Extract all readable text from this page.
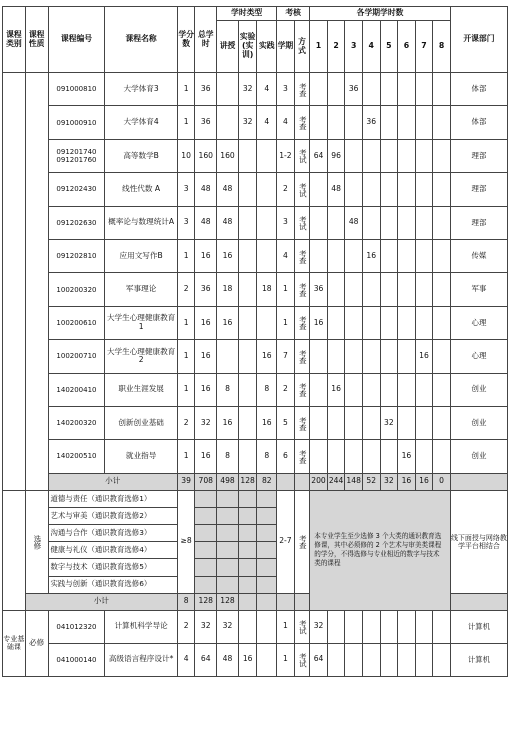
课程类别	课程性质	课程编号	课程名称	学分数	总学时	学时类型			考核		各学期学时数								开课部门
						讲授	实验(实训)	实践	学期	方式	1	2	3	4	5	6	7	8	
		091000810	大学体育3	1	36		32	4	3	考查			36						体部
		091000910	大学体育4	1	36		32	4	4	考查				36					体部
		091201740 091201760	高等数学B	10	160	160			1-2	考试	64	96							理部
		091202430	线性代数 A	3	48	48			2	考试		48							理部
		091202630	概率论与数理统计A	3	48	48			3	考试			48						理部
		091202810	应用文写作B	1	16	16			4	考查				16					传媒
		100200320	军事理论	2	36	18		18	1	考查	36								军事
		100200610	大学生心理健康教育1	1	16	16			1	考查	16								心理
		100200710	大学生心理健康教育2	1	16			16	7	考查							16		心理
		140200410	职业生涯发展	1	16	8		8	2	考查		16							创业
		140200320	创新创业基础	2	32	16		16	5	考查					32				创业
		140200510	就业指导	1	16	8		8	6	考查						16			创业
		小计		39	708	498	128	82			200	244	148	52	32	16	16	0	
	选修	道德与责任（通识教育选修1）		≥8					2-7	考查	本专业学生至少选修 3 个大类的通识教育选修课，其中必须修的 2 个艺术与审美类课程的学分，不得选修与专业相近的数字与技术类的课程								线下面授与网络教学平台相结合
		艺术与审美（通识教育选修2）																	
		沟通与合作（通识教育选修3）																	
		健康与礼仪（通识教育选修4）																	
		数字与技术（通识教育选修5）																	
		实践与创新（通识教育选修6）																	
	小计			8	128	128													
专业基础课	必修	041012320	计算机科学导论	2	32	32			1	考试	32								计算机
		041000140	高级语言程序设计*	4	64	48	16		1	考试	64								计算机
